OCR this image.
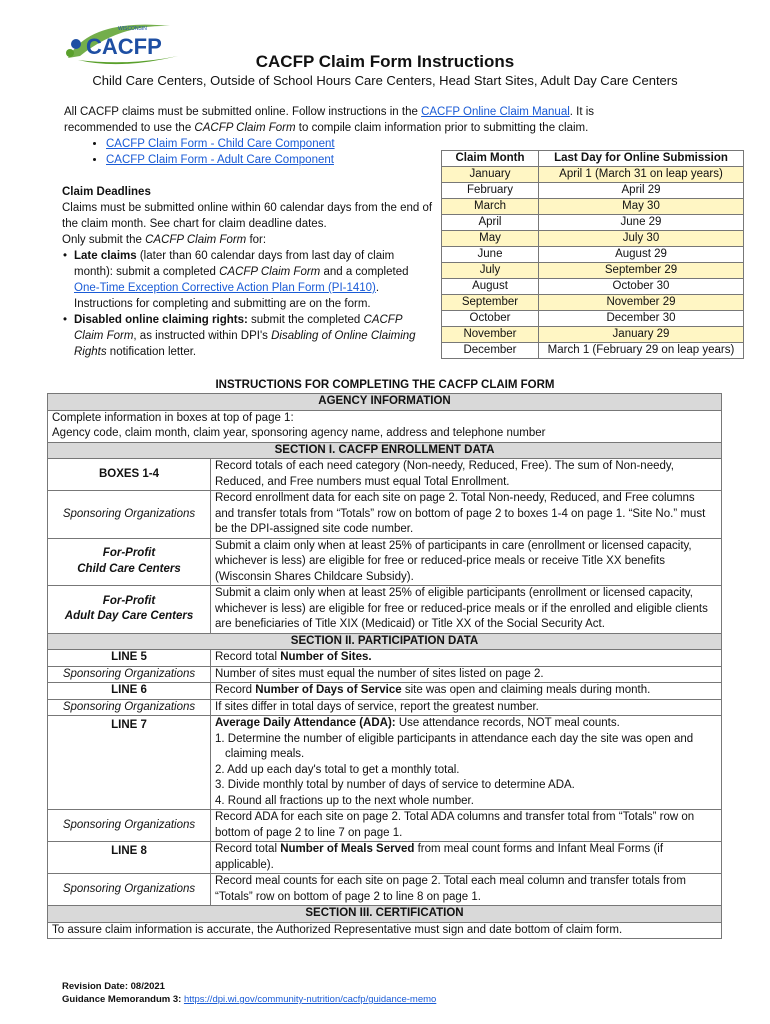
WISCONSIN
CACFP
CACFP Claim Form Instructions
Child Care Centers, Outside of School Hours Care Centers, Head Start Sites, Adult Day Care Centers
All CACFP claims must be submitted online. Follow instructions in the CACFP Online Claim Manual. It is recommended to use the CACFP Claim Form to compile claim information prior to submitting the claim.
• CACFP Claim Form - Child Care Component
• CACFP Claim Form - Adult Care Component
Claim Deadlines
Claims must be submitted online within 60 calendar days from the end of the claim month. See chart for claim deadline dates.
Only submit the CACFP Claim Form for:
• Late claims (later than 60 calendar days from last day of claim month): submit a completed CACFP Claim Form and a completed One-Time Exception Corrective Action Plan Form (PI-1410). Instructions for completing and submitting are on the form.
• Disabled online claiming rights: submit the completed CACFP Claim Form, as instructed within DPI's Disabling of Online Claiming Rights notification letter.
Claim Month	Last Day for Online Submission
January	April 1 (March 31 on leap years)
February	April 29
March	May 30
April	June 29
May	July 30
June	August 29
July	September 29
August	October 30
September	November 29
October	December 30
November	January 29
December	March 1 (February 29 on leap years)
INSTRUCTIONS FOR COMPLETING THE CACFP CLAIM FORM
AGENCY INFORMATION	

Complete information in boxes at top of page 1:
Agency code, claim month, claim year, sponsoring agency name, address and telephone number	

SECTION I. CACFP ENROLLMENT DATA	
BOXES 1-4	Record totals of each need category (Non-needy, Reduced, Free). The sum of Non-needy, Reduced, and Free numbers must equal Total Enrollment.
Sponsoring Organizations	Record enrollment data for each site on page 2. Total Non-needy, Reduced, and Free columns and transfer totals from “Totals” row on bottom of page 2 to boxes 1-4 on page 1. “Site No.” must be the DPI-assigned site code number.

For-Profit
Child Care Centers	Submit a claim only when at least 25% of participants in care (enrollment or licensed capacity, whichever is less) are eligible for free or reduced-price meals or receive Title XX benefits (Wisconsin Shares Childcare Subsidy).

For-Profit
Adult Day Care Centers	Submit a claim only when at least 25% of eligible participants (enrollment or licensed capacity, whichever is less) are eligible for free or reduced-price meals or if the enrolled and eligible clients are beneficiaries of Title XIX (Medicaid) or Title XX of the Social Security Act.
SECTION II. PARTICIPATION DATA	
LINE 5	Record total Number of Sites.
Sponsoring Organizations	Number of sites must equal the number of sites listed on page 2.
LINE 6	Record Number of Days of Service site was open and claiming meals during month.
Sponsoring Organizations	If sites differ in total days of service, report the greatest number.
LINE 7	Average Daily Attendance (ADA): Use attendance records, NOT meal counts.
1. Determine the number of eligible participants in attendance each day the site was open and claiming meals.
2. Add up each day's total to get a monthly total.
3. Divide monthly total by number of days of service to determine ADA.
4. Round all fractions up to the next whole number.

Sponsoring Organizations	Record ADA for each site on page 2. Total ADA columns and transfer total from “Totals” row on bottom of page 2 to line 7 on page 1.
LINE 8	Record total Number of Meals Served from meal count forms and Infant Meal Forms (if applicable).
Sponsoring Organizations	Record meal counts for each site on page 2. Total each meal column and transfer totals from “Totals” row on bottom of page 2 to line 8 on page 1.
SECTION III. CERTIFICATION	
To assure claim information is accurate, the Authorized Representative must sign and date bottom of claim form.	
Revision Date: 08/2021
Guidance Memorandum 3: https://dpi.wi.gov/community-nutrition/cacfp/guidance-memo
